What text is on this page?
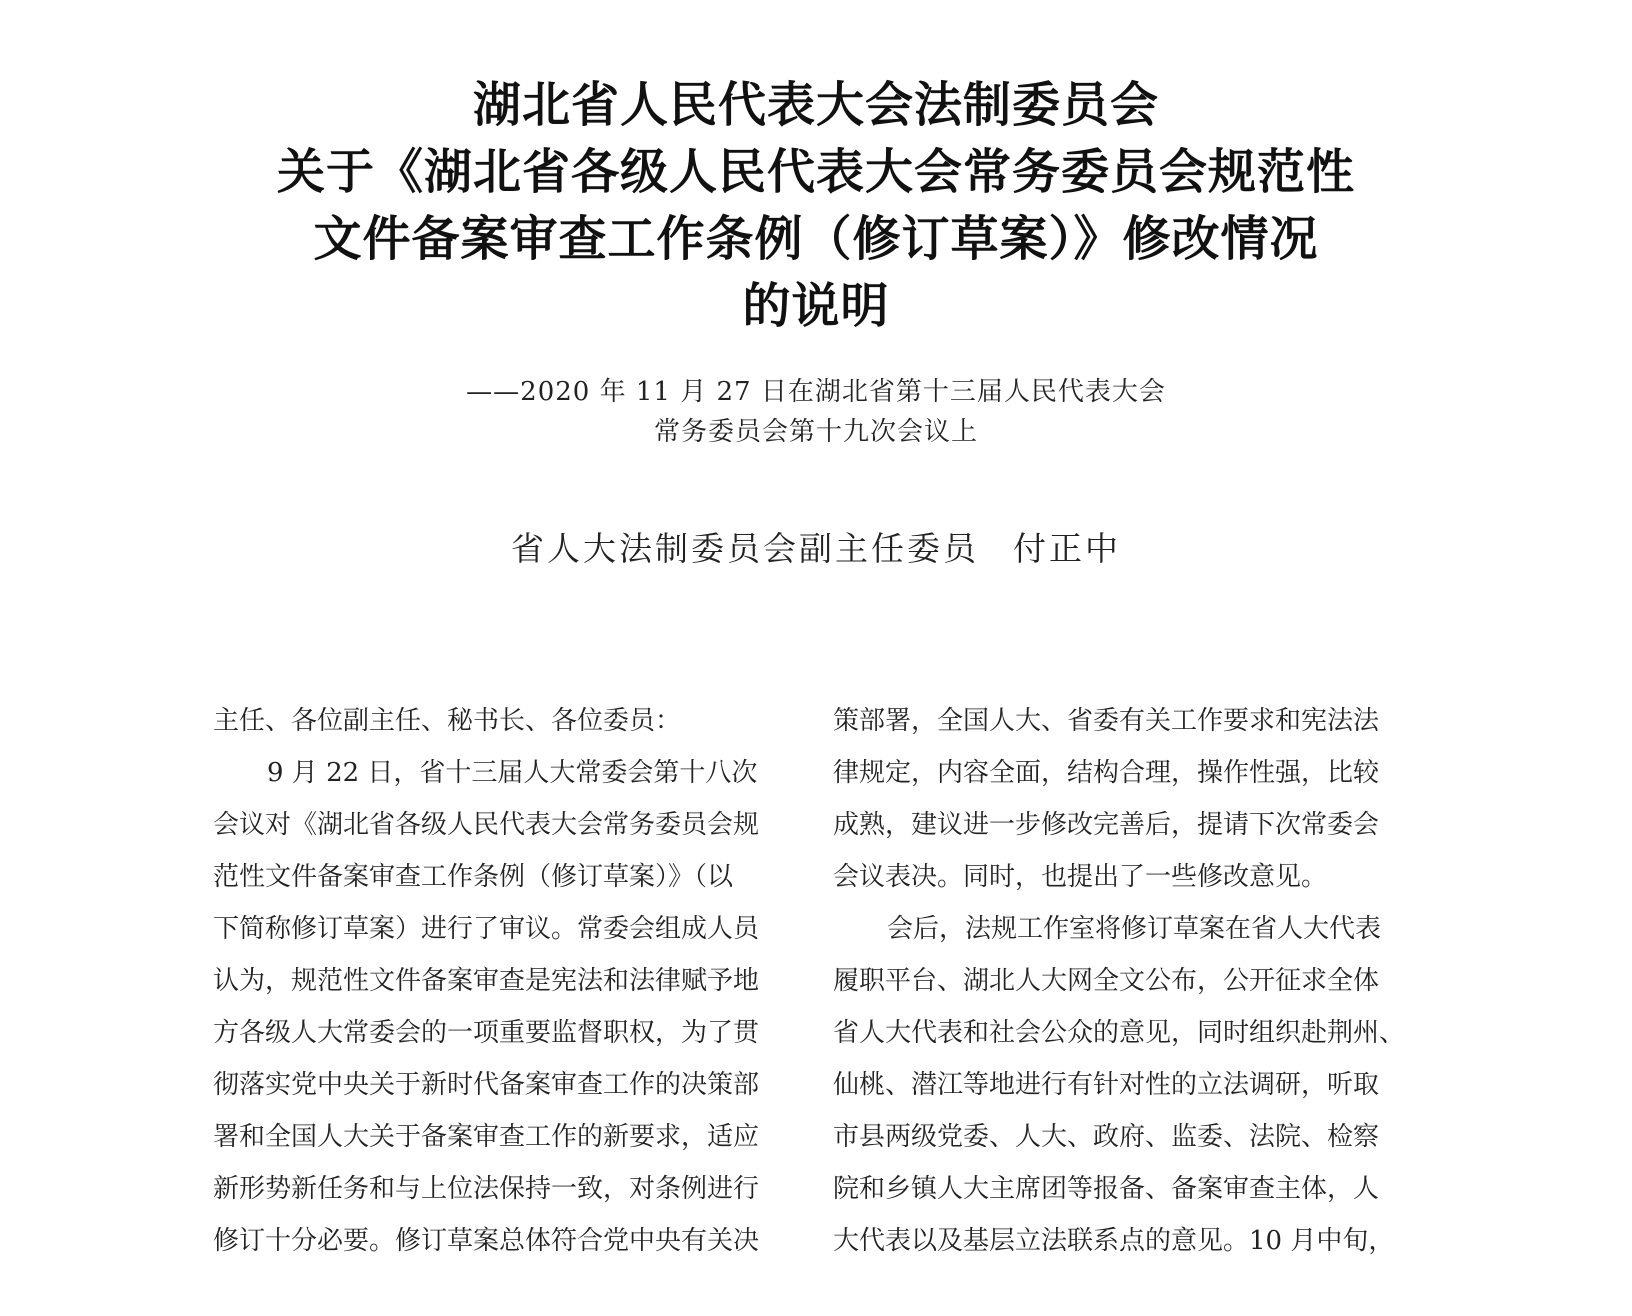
湖北省人民代表大会法制委员会
关于《湖北省各级人民代表大会常务委员会规范性
文件备案审查工作条例（修订草案）》修改情况
的说明
——2020 年 11 月 27 日在湖北省第十三届人民代表大会
常务委员会第十九次会议上
省人大法制委员会副主任委员 付正中
主任、各位副主任、秘书长、各位委员：
9 月 22 日，省十三届人大常委会第十八次
会议对《湖北省各级人民代表大会常务委员会规
范性文件备案审查工作条例（修订草案）》（以
下简称修订草案）进行了审议。常委会组成人员
认为，规范性文件备案审查是宪法和法律赋予地
方各级人大常委会的一项重要监督职权，为了贯
彻落实党中央关于新时代备案审查工作的决策部
署和全国人大关于备案审查工作的新要求，适应
新形势新任务和与上位法保持一致，对条例进行
修订十分必要。修订草案总体符合党中央有关决
策部署，全国人大、省委有关工作要求和宪法法
律规定，内容全面，结构合理，操作性强，比较
成熟，建议进一步修改完善后，提请下次常委会
会议表决。同时，也提出了一些修改意见。
会后，法规工作室将修订草案在省人大代表
履职平台、湖北人大网全文公布，公开征求全体
省人大代表和社会公众的意见，同时组织赴荆州、
仙桃、潜江等地进行有针对性的立法调研，听取
市县两级党委、人大、政府、监委、法院、检察
院和乡镇人大主席团等报备、备案审查主体，人
大代表以及基层立法联系点的意见。10 月中旬，
